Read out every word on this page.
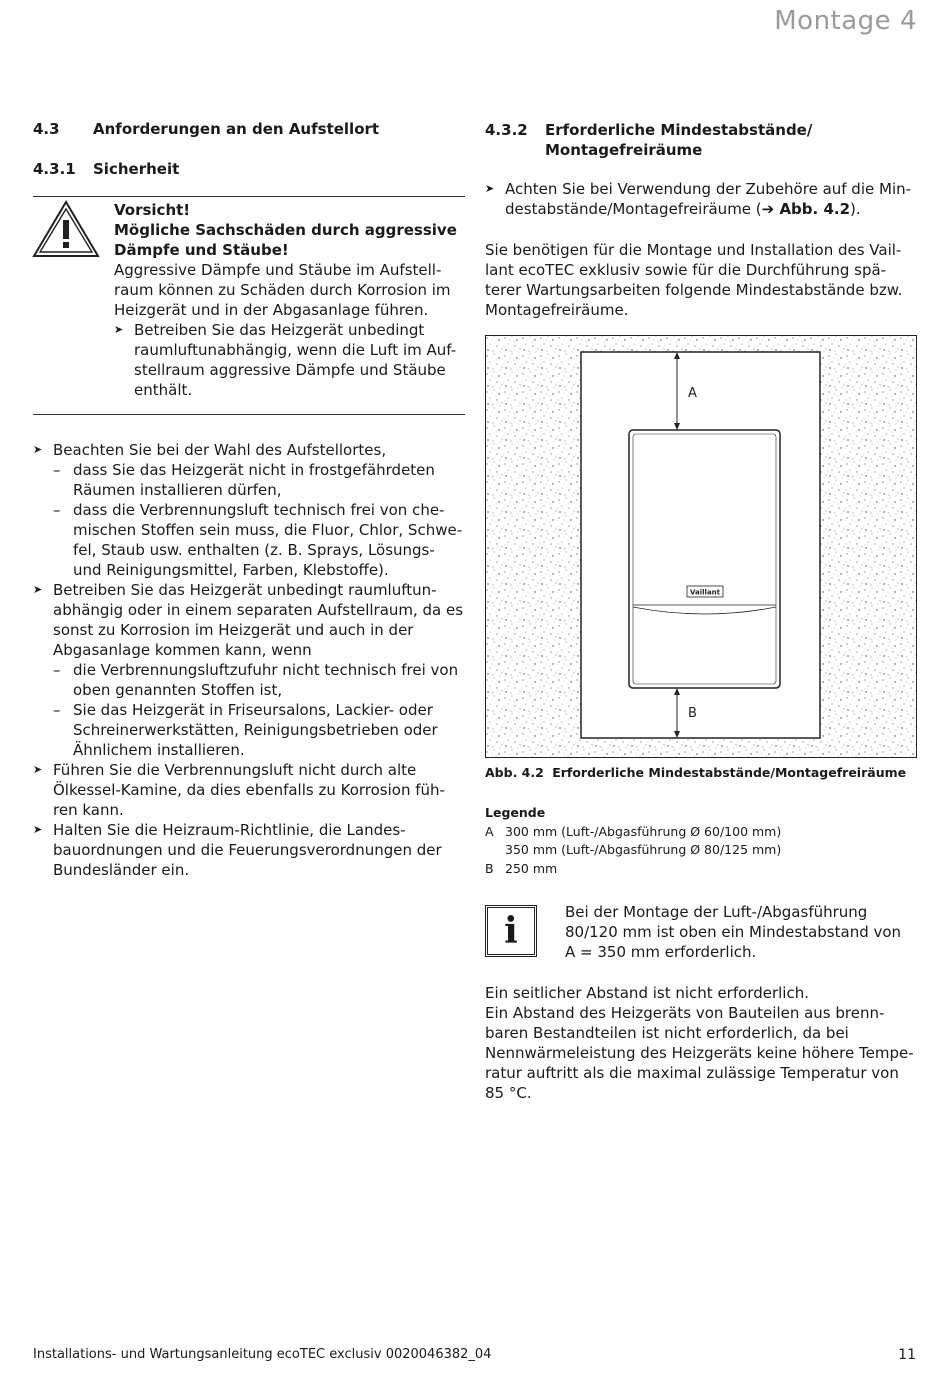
Montage 4
4.3 Anforderungen an den Aufstellort
4.3.1 Sicherheit
Vorsicht!
Mögliche Sachschäden durch aggressive
Dämpfe und Stäube!
Aggressive Dämpfe und Stäube im Aufstell-
raum können zu Schäden durch Korrosion im
Heizgerät und in der Abgasanlage führen.
➤ Betreiben Sie das Heizgerät unbedingt
raumluftunabhängig, wenn die Luft im Auf-
stellraum aggressive Dämpfe und Stäube
enthält.
➤ Beachten Sie bei der Wahl des Aufstellortes,
– dass Sie das Heizgerät nicht in frostgefährdeten
Räumen installieren dürfen,
– dass die Verbrennungsluft technisch frei von che-
mischen Stoffen sein muss, die Fluor, Chlor, Schwe-
fel, Staub usw. enthalten (z. B. Sprays, Lösungs-
und Reinigungsmittel, Farben, Klebstoffe).
➤ Betreiben Sie das Heizgerät unbedingt raumluftun-
abhängig oder in einem separaten Aufstellraum, da es
sonst zu Korrosion im Heizgerät und auch in der
Abgasanlage kommen kann, wenn
– die Verbrennungsluftzufuhr nicht technisch frei von
oben genannten Stoffen ist,
– Sie das Heizgerät in Friseursalons, Lackier- oder
Schreinerwerkstätten, Reinigungsbetrieben oder
Ähnlichem installieren.
➤ Führen Sie die Verbrennungsluft nicht durch alte
Ölkessel-Kamine, da dies ebenfalls zu Korrosion füh-
ren kann.
➤ Halten Sie die Heizraum-Richtlinie, die Landes-
bauordnungen und die Feuerungsverordnungen der
Bundesländer ein.
4.3.2 Erforderliche Mindestabstände/
Montagefreiräume
➤ Achten Sie bei Verwendung der Zubehöre auf die Min-
destabstände/Montagefreiräume (➔ Abb. 4.2).
Sie benötigen für die Montage und Installation des Vail-
lant ecoTEC exklusiv sowie für die Durchführung spä-
terer Wartungsarbeiten folgende Mindestabstände bzw.
Montagefreiräume.
Vaillant
A
B
Abb. 4.2 Erforderliche Mindestabstände/Montagefreiräume
Legende
A 300 mm (Luft-/Abgasführung Ø 60/100 mm)
350 mm (Luft-/Abgasführung Ø 80/125 mm)
B 250 mm
i	Bei der Montage der Luft-/Abgasführung
80/120 mm ist oben ein Mindestabstand von
A = 350 mm erforderlich.
Ein seitlicher Abstand ist nicht erforderlich.
Ein Abstand des Heizgeräts von Bauteilen aus brenn-
baren Bestandteilen ist nicht erforderlich, da bei
Nennwärmeleistung des Heizgeräts keine höhere Tempe-
ratur auftritt als die maximal zulässige Temperatur von
85 °C.
Installations- und Wartungsanleitung ecoTEC exclusiv 0020046382_04	11
